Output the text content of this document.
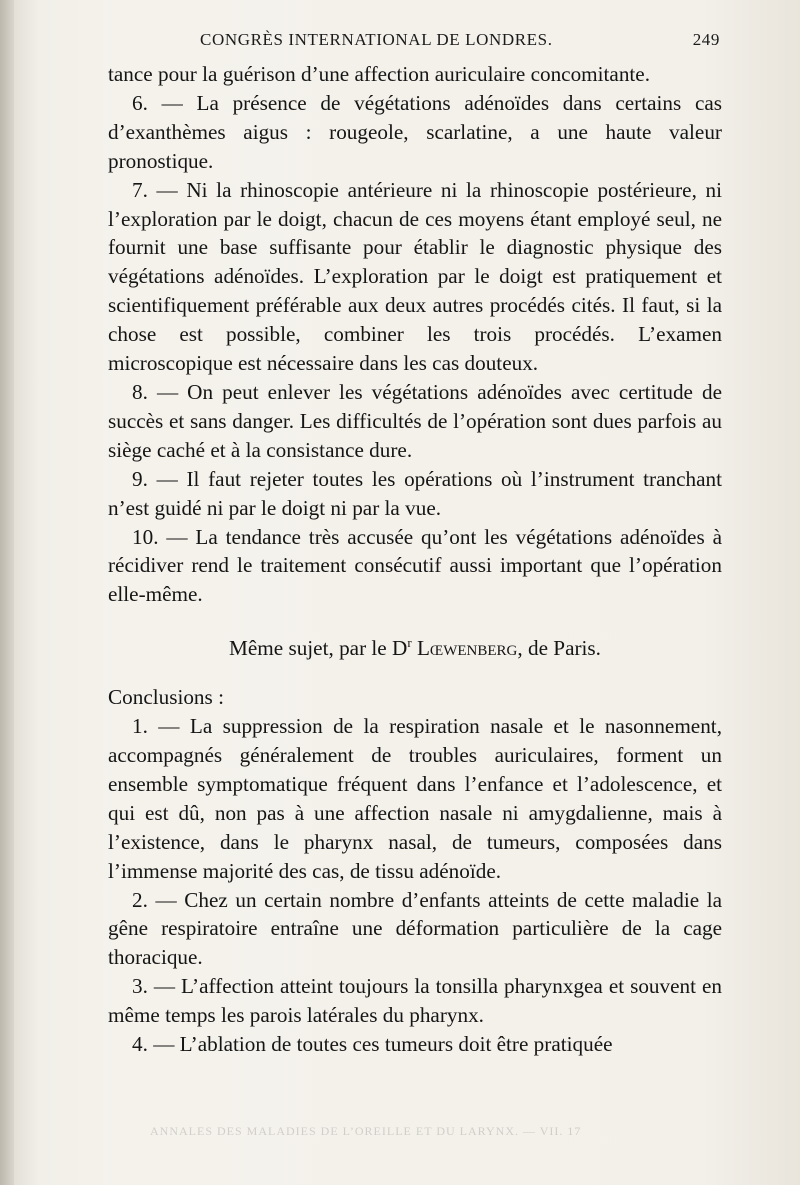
CONGRÈS INTERNATIONAL DE LONDRES.	249

tance pour la guérison d’une affection auriculaire concomitante.

6. — La présence de végétations adénoïdes dans certains cas d’exanthèmes aigus : rougeole, scarlatine, a une haute valeur pronostique.

7. — Ni la rhinoscopie antérieure ni la rhinoscopie postérieure, ni l’exploration par le doigt, chacun de ces moyens étant employé seul, ne fournit une base suffisante pour établir le diagnostic physique des végétations adénoïdes. L’exploration par le doigt est pratiquement et scientifiquement préférable aux deux autres procédés cités. Il faut, si la chose est possible, combiner les trois procédés. L’examen microscopique est nécessaire dans les cas douteux.

8. — On peut enlever les végétations adénoïdes avec certitude de succès et sans danger. Les difficultés de l’opération sont dues parfois au siège caché et à la consistance dure.

9. — Il faut rejeter toutes les opérations où l’instrument tranchant n’est guidé ni par le doigt ni par la vue.

10. — La tendance très accusée qu’ont les végétations adénoïdes à récidiver rend le traitement consécutif aussi important que l’opération elle-même.

Même sujet, par le $D^r$ Lœwenberg, de Paris.

Conclusions :

1. — La suppression de la respiration nasale et le nasonnement, accompagnés généralement de troubles auriculaires, forment un ensemble symptomatique fréquent dans l’enfance et l’adolescence, et qui est dû, non pas à une affection nasale ni amygdalienne, mais à l’existence, dans le pharynx nasal, de tumeurs, composées dans l’immense majorité des cas, de tissu adénoïde.

2. — Chez un certain nombre d’enfants atteints de cette maladie la gêne respiratoire entraîne une déformation particulière de la cage thoracique.

3. — L’affection atteint toujours la tonsilla pharynxgea et souvent en même temps les parois latérales du pharynx.

4. — L’ablation de toutes ces tumeurs doit être pratiquée

ANNALES DES MALADIES DE L’OREILLE ET DU LARYNX. — VII. 17
